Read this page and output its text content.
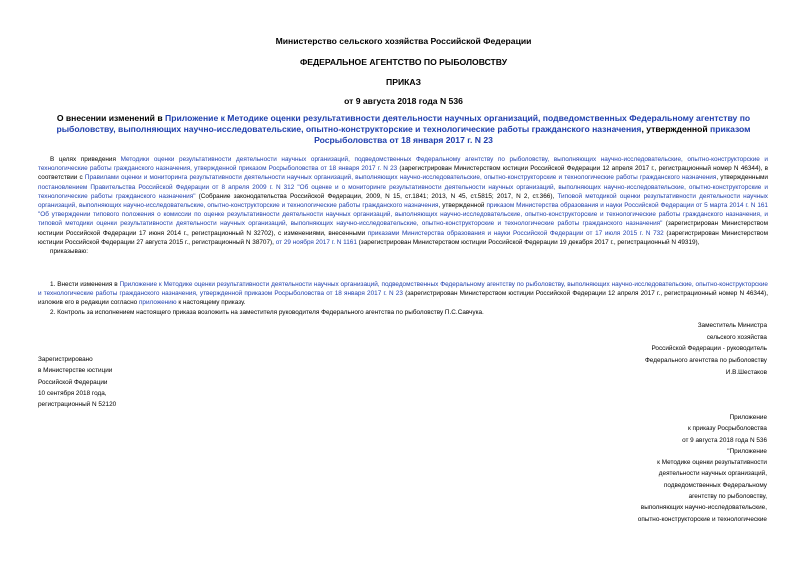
Министерство сельского хозяйства Российской Федерации
ФЕДЕРАЛЬНОЕ АГЕНТСТВО ПО РЫБОЛОВСТВУ
ПРИКАЗ
от 9 августа 2018 года N 536
О внесении изменений в Приложение к Методике оценки результативности деятельности научных организаций, подведомственных Федеральному агентству по рыболовству, выполняющих научно-исследовательские, опытно-конструкторские и технологические работы гражданского назначения, утвержденной приказом Росрыболовства от 18 января 2017 г. N 23
В целях приведения Методики оценки результативности деятельности научных организаций, подведомственных Федеральному агентству по рыболовству, выполняющих научно-исследовательские, опытно-конструкторские и технологические работы гражданского назначения, утвержденной приказом Росрыболовства от 18 января 2017 г. N 23 (зарегистрирован Министерством юстиции Российской Федерации 12 апреля 2017 г., регистрационный номер N 46344), в соответствии с Правилами оценки и мониторинга результативности деятельности научных организаций, выполняющих научно-исследовательские, опытно-конструкторские и технологические работы гражданского назначения, утвержденными постановлением Правительства Российской Федерации от 8 апреля 2009 г. N 312 "Об оценке и о мониторинге результативности деятельности научных организаций, выполняющих научно-исследовательские, опытно-конструкторские и технологические работы гражданского назначения" (Собрание законодательства Российской Федерации, 2009, N 15, ст.1841; 2013, N 45, ст.5815; 2017, N 2, ст.366), Типовой методикой оценки результативности деятельности научных организаций, выполняющих научно-исследовательские, опытно-конструкторские и технологические работы гражданского назначения, утвержденной приказом Министерства образования и науки Российской Федерации от 5 марта 2014 г. N 161 "Об утверждении типового положения о комиссии по оценке результативности деятельности научных организаций, выполняющих научно-исследовательские, опытно-конструкторские и технологические работы гражданского назначения, и типовой методики оценки результативности деятельности научных организаций, выполняющих научно-исследовательские, опытно-конструкторские и технологические работы гражданского назначения" (зарегистрирован Министерством юстиции Российской Федерации 17 июня 2014 г., регистрационный N 32702), с изменениями, внесенными приказами Министерства образования и науки Российской Федерации от 17 июля 2015 г. N 732 (зарегистрирован Министерством юстиции Российской Федерации 27 августа 2015 г., регистрационный N 38707), от 29 ноября 2017 г. N 1161 (зарегистрирован Министерством юстиции Российской Федерации 19 декабря 2017 г., регистрационный N 49319),
приказываю:
1. Внести изменения в Приложение к Методике оценки результативности деятельности научных организаций, подведомственных Федеральному агентству по рыболовству, выполняющих научно-исследовательские, опытно-конструкторские и технологические работы гражданского назначения, утвержденной приказом Росрыболовства от 18 января 2017 г. N 23 (зарегистрирован Министерством юстиции Российской Федерации 12 апреля 2017 г., регистрационный номер N 46344), изложив его в редакции согласно приложению к настоящему приказу.
2. Контроль за исполнением настоящего приказа возложить на заместителя руководителя Федерального агентства по рыболовству П.С.Савчука.
Заместитель Министра
сельского хозяйства
Российской Федерации - руководитель
Федерального агентства по рыболовству
И.В.Шестаков
Зарегистрировано
в Министерстве юстиции
Российской Федерации
10 сентября 2018 года,
регистрационный N 52120
Приложение
к приказу Росрыболовства
от 9 августа 2018 года N 536
"Приложение
к Методике оценки результативности
деятельности научных организаций,
подведомственных Федеральному
агентству по рыболовству,
выполняющих научно-исследовательские,
опытно-конструкторские и технологические
